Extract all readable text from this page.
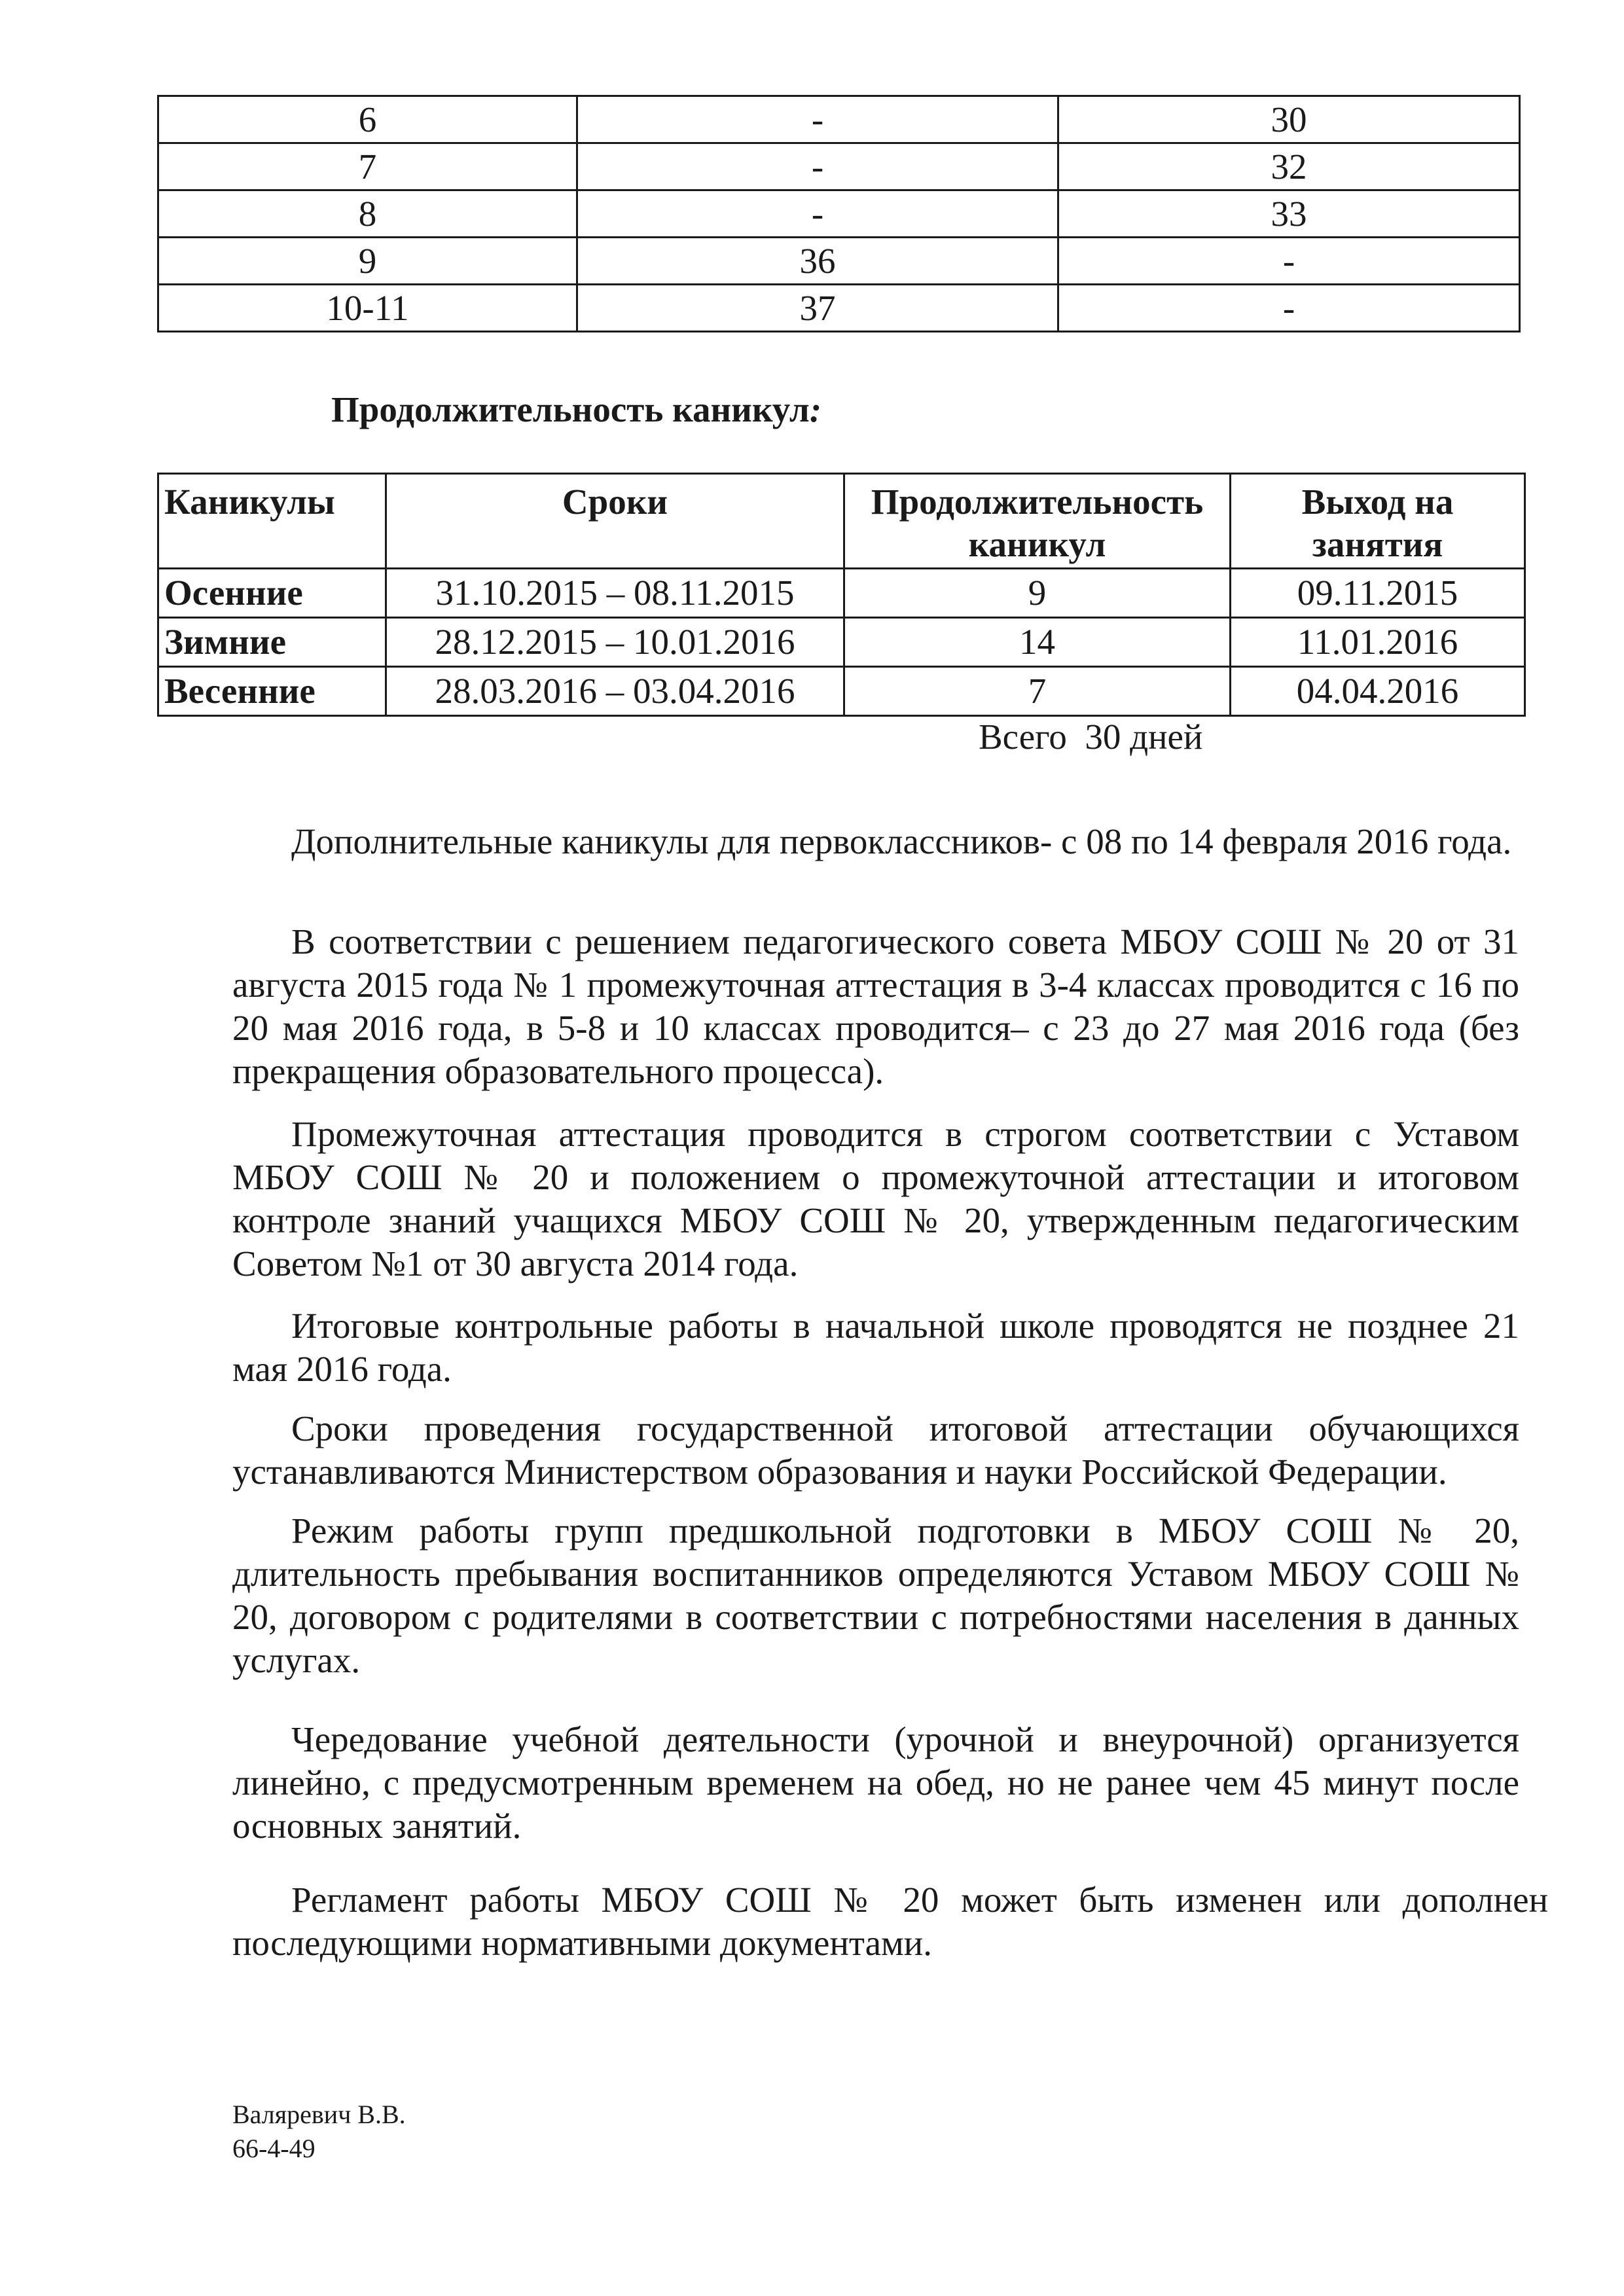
6	-	30
7	-	32
8	-	33
9	36	-
10-11	37	-
Продолжительность каникул:
Каникулы	Сроки	Продолжительность каникул	Выход на занятия
Осенние	31.10.2015 – 08.11.2015	9	09.11.2015
Зимние	28.12.2015 – 10.01.2016	14	11.01.2016
Весенние	28.03.2016 – 03.04.2016	7	04.04.2016
Всего  30 дней

Дополнительные каникулы для первоклассников- с 08 по 14 февраля 2016 года.

В соответствии с решением педагогического совета МБОУ СОШ № 20 от 31 августа 2015 года № 1 промежуточная аттестация в 3-4 классах проводится с 16 по 20 мая 2016 года, в 5-8 и 10 классах проводится– с 23 до 27 мая 2016 года (без прекращения образовательного процесса).

Промежуточная аттестация проводится в строгом соответствии с Уставом МБОУ СОШ № 20 и положением о промежуточной аттестации и итоговом контроле знаний учащихся МБОУ СОШ № 20, утвержденным педагогическим Советом №1 от 30 августа 2014 года.

Итоговые контрольные работы в начальной школе проводятся не позднее 21 мая 2016 года.

Сроки проведения государственной итоговой аттестации обучающихся устанавливаются Министерством образования и науки Российской Федерации.

Режим работы групп предшкольной подготовки в МБОУ СОШ № 20, длительность пребывания воспитанников определяются Уставом МБОУ СОШ № 20, договором с родителями в соответствии с потребностями населения в данных услугах.

Чередование учебной деятельности (урочной и внеурочной) организуется линейно, с предусмотренным временем на обед, но не ранее чем 45 минут после основных занятий.

Регламент работы МБОУ СОШ № 20 может быть изменен или дополнен последующими нормативными документами.

Валяревич В.В.
66-4-49
